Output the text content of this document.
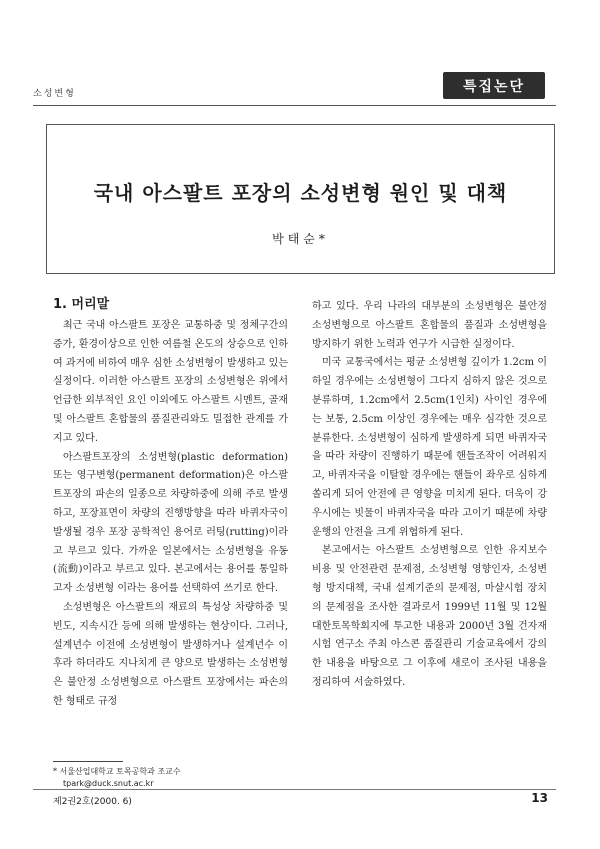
소성변형	특집논단
국내 아스팔트 포장의 소성변형 원인 및 대책
박태순*
1. 머리말

최근 국내 아스팔트 포장은 교통하중 및 정체구간의 증가, 환경이상으로 인한 여름철 온도의 상승으로 인하여 과거에 비하여 매우 심한 소성변형이 발생하고 있는 실정이다. 이러한 아스팔트 포장의 소성변형은 위에서 언급한 외부적인 요인 이외에도 아스팔트 시멘트, 골재 및 아스팔트 혼합물의 품질관리와도 밀접한 관계를 가지고 있다.

아스팔트포장의 소성변형(plastic deformation) 또는 영구변형(permanent deformation)은 아스팔트포장의 파손의 일종으로 차량하중에 의해 주로 발생하고, 포장표면이 차량의 진행방향을 따라 바퀴자국이 발생될 경우 포장 공학적인 용어로 러팅(rutting)이라고 부르고 있다. 가까운 일본에서는 소성변형을 유동(流動)이라고 부르고 있다. 본고에서는 용어를 통일하고자 소성변형 이라는 용어를 선택하여 쓰기로 한다.

소성변형은 아스팔트의 재료의 특성상 차량하중 및 빈도, 지속시간 등에 의해 발생하는 현상이다. 그러나, 설계년수 이전에 소성변형이 발생하거나 설계년수 이후라 하더라도 지나치게 큰 양으로 발생하는 소성변형은 불안정 소성변형으로 아스팔트 포장에서는 파손의 한 형태로 규정

하고 있다. 우리 나라의 대부분의 소성변형은 불안정 소성변형으로 아스팔트 혼합물의 품질과 소성변형을 방지하기 위한 노력과 연구가 시급한 실정이다.

미국 교통국에서는 평균 소성변형 깊이가 1.2cm 이하일 경우에는 소성변형이 그다지 심하지 않은 것으로 분류하며, 1.2cm에서 2.5cm(1인치) 사이인 경우에는 보통, 2.5cm 이상인 경우에는 매우 심각한 것으로 분류한다. 소성변형이 심하게 발생하게 되면 바퀴자국을 따라 차량이 진행하기 때문에 핸들조작이 어려워지고, 바퀴자국을 이탈할 경우에는 핸들이 좌우로 심하게 쏠리게 되어 안전에 큰 영향을 미치게 된다. 더욱이 강우시에는 빗물이 바퀴자국을 따라 고이기 때문에 차량운행의 안전을 크게 위협하게 된다.

본고에서는 아스팔트 소성변형으로 인한 유지보수 비용 및 안전관련 문제점, 소성변형 영향인자, 소성변형 방지대책, 국내 설계기준의 문제점, 마샬시험 장치의 문제점을 조사한 결과로서 1999년 11월 및 12월 대한토목학회지에 투고한 내용과 2000년 3월 건자재시험 연구소 주최 아스콘 품질관리 기술교육에서 강의한 내용을 바탕으로 그 이후에 새로이 조사된 내용을 정리하여 서술하였다.

* 서울산업대학교 토목공학과 조교수
tpark@duck.snut.ac.kr
제2권2호(2000. 6)	13
